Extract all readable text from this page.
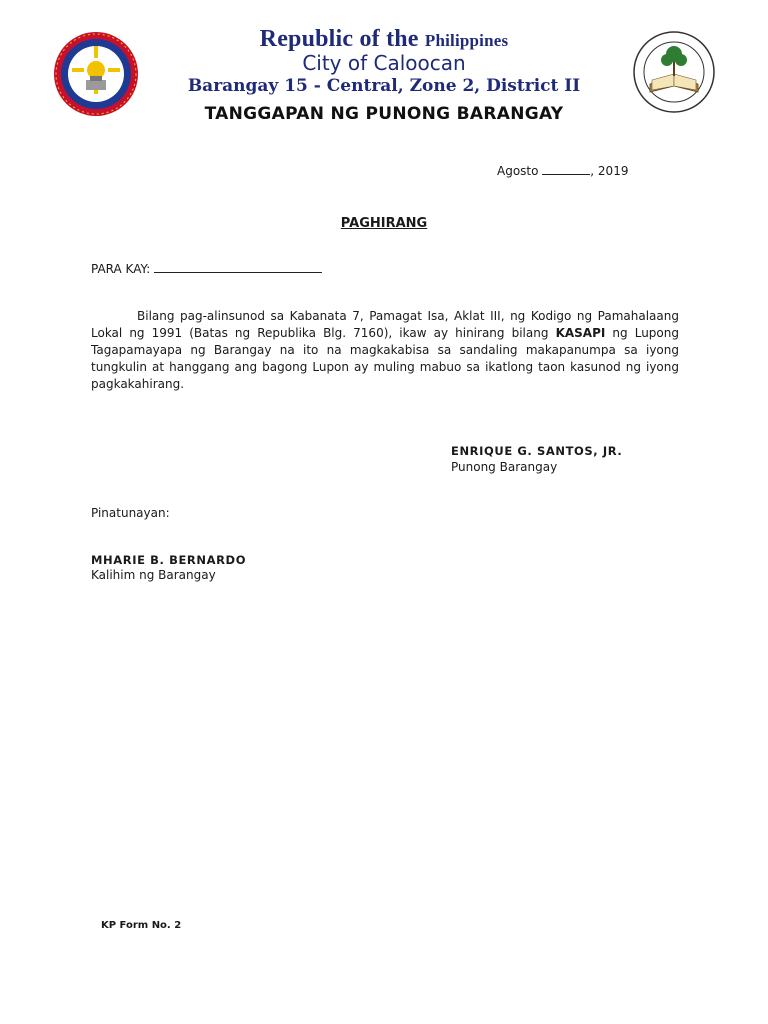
Republic of the Philippines
City of Caloocan
Barangay 15 - Central, Zone 2, District II
TANGGAPAN NG PUNONG BARANGAY
Agosto	, 2019
PAGHIRANG
PARA KAY:
Bilang pag-alinsunod sa Kabanata 7, Pamagat Isa, Aklat III, ng Kodigo ng Pamahalaang Lokal ng 1991 (Batas ng Republika Blg. 7160), ikaw ay hinirang bilang KASAPI ng Lupong Tagapamayapa ng Barangay na ito na magkakabisa sa sandaling makapanumpa sa iyong tungkulin at hanggang ang bagong Lupon ay muling mabuo sa ikatlong taon kasunod ng iyong pagkakahirang.
ENRIQUE G. SANTOS, JR.
Punong Barangay
Pinatunayan:
MHARIE B. BERNARDO
Kalihim ng Barangay
KP Form No. 2
